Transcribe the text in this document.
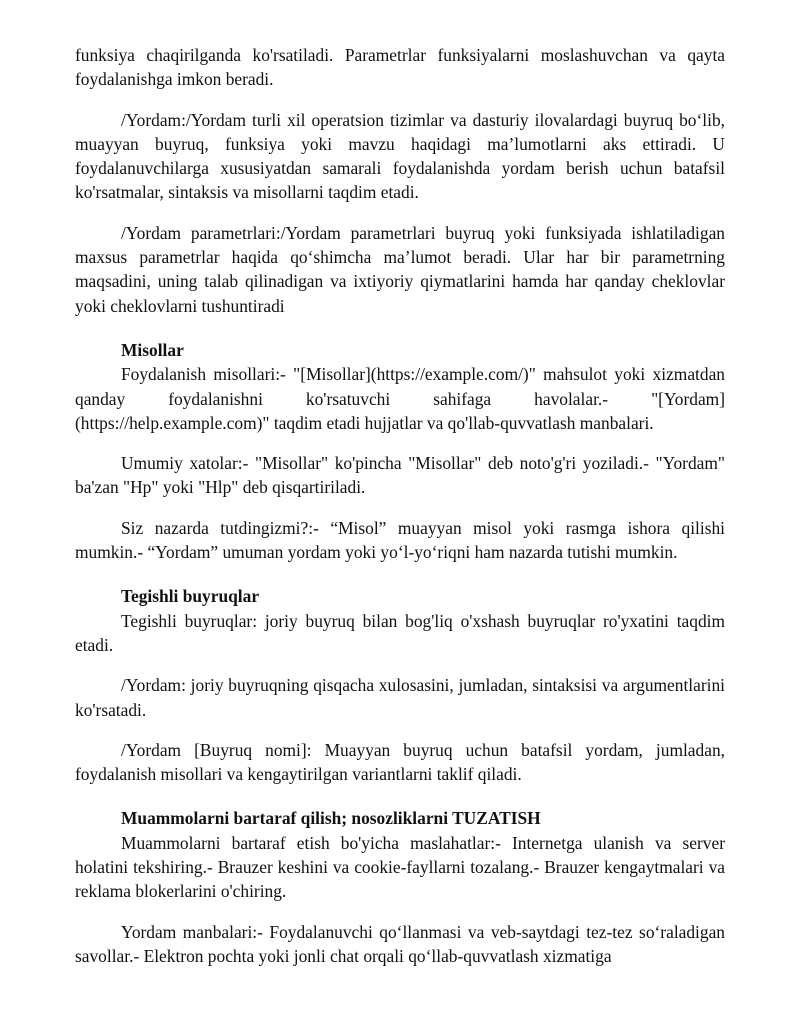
funksiya chaqirilganda ko'rsatiladi. Parametrlar funksiyalarni moslashuvchan va qayta foydalanishga imkon beradi.

/Yordam:/Yordam turli xil operatsion tizimlar va dasturiy ilovalardagi buyruq bo‘lib, muayyan buyruq, funksiya yoki mavzu haqidagi ma’lumotlarni aks ettiradi. U foydalanuvchilarga xususiyatdan samarali foydalanishda yordam berish uchun batafsil ko'rsatmalar, sintaksis va misollarni taqdim etadi.

/Yordam parametrlari:/Yordam parametrlari buyruq yoki funksiyada ishlatiladigan maxsus parametrlar haqida qo‘shimcha ma’lumot beradi. Ular har bir parametrning maqsadini, uning talab qilinadigan va ixtiyoriy qiymatlarini hamda har qanday cheklovlar yoki cheklovlarni tushuntiradi

Misollar

Foydalanish misollari:- "[Misollar](https://example.com/)" mahsulot yoki xizmatdan qanday foydalanishni ko'rsatuvchi sahifaga havolalar.- "[Yordam](https://help.example.com)" taqdim etadi hujjatlar va qo'llab-quvvatlash manbalari.

Umumiy xatolar:- "Misollar" ko'pincha "Misollar" deb noto'g'ri yoziladi.- "Yordam" ba'zan "Hp" yoki "Hlp" deb qisqartiriladi.

Siz nazarda tutdingizmi?:- “Misol” muayyan misol yoki rasmga ishora qilishi mumkin.- “Yordam” umuman yordam yoki yo‘l-yo‘riqni ham nazarda tutishi mumkin.

Tegishli buyruqlar

Tegishli buyruqlar: joriy buyruq bilan bog'liq o'xshash buyruqlar ro'yxatini taqdim etadi.

/Yordam: joriy buyruqning qisqacha xulosasini, jumladan, sintaksisi va argumentlarini ko'rsatadi.

/Yordam [Buyruq nomi]: Muayyan buyruq uchun batafsil yordam, jumladan, foydalanish misollari va kengaytirilgan variantlarni taklif qiladi.

Muammolarni bartaraf qilish; nosozliklarni TUZATISH

Muammolarni bartaraf etish bo'yicha maslahatlar:- Internetga ulanish va server holatini tekshiring.- Brauzer keshini va cookie-fayllarni tozalang.- Brauzer kengaytmalari va reklama blokerlarini o'chiring.

Yordam manbalari:- Foydalanuvchi qo‘llanmasi va veb-saytdagi tez-tez so‘raladigan savollar.- Elektron pochta yoki jonli chat orqali qo‘llab-quvvatlash xizmatiga
